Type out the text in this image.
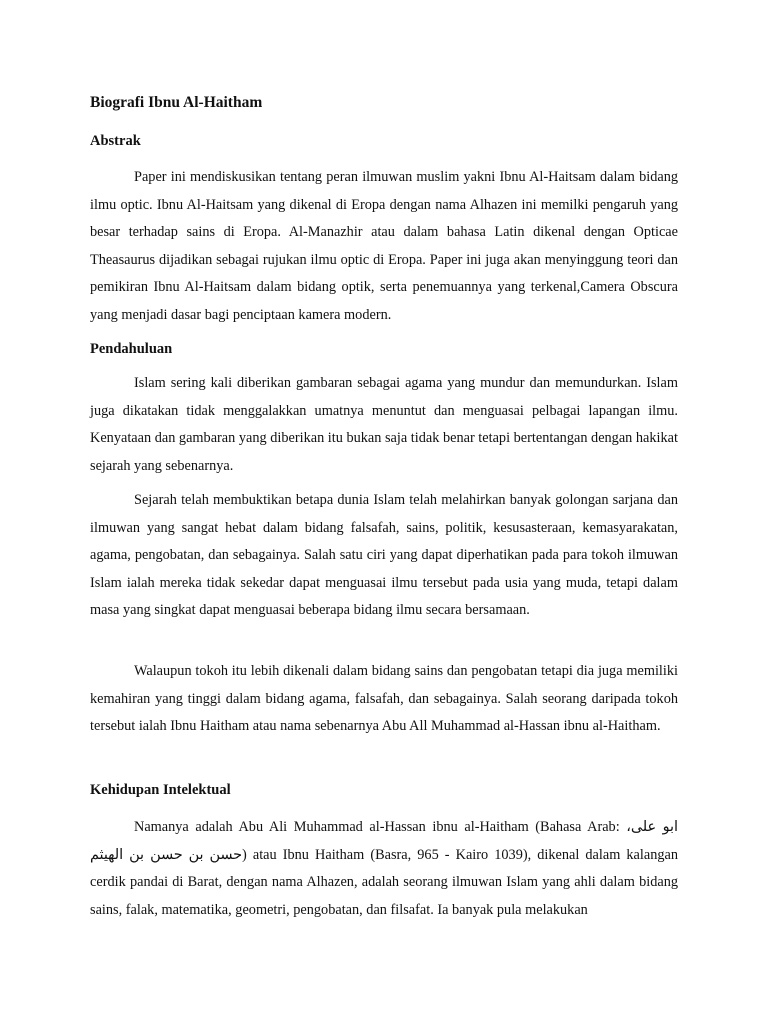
Biografi Ibnu Al-Haitham
Abstrak

Paper ini mendiskusikan tentang peran ilmuwan muslim yakni Ibnu Al-Haitsam dalam bidang ilmu optic. Ibnu Al-Haitsam yang dikenal di Eropa dengan nama Alhazen ini memilki pengaruh yang besar terhadap sains di Eropa. Al-Manazhir atau dalam bahasa Latin dikenal dengan Opticae Theasaurus dijadikan sebagai rujukan ilmu optic di Eropa. Paper ini juga akan menyinggung teori dan pemikiran Ibnu Al-Haitsam dalam bidang optik, serta penemuannya yang terkenal,Camera Obscura yang menjadi dasar bagi penciptaan kamera modern.

Pendahuluan

Islam sering kali diberikan gambaran sebagai agama yang mundur dan memundurkan. Islam juga dikatakan tidak menggalakkan umatnya menuntut dan menguasai pelbagai lapangan ilmu. Kenyataan dan gambaran yang diberikan itu bukan saja tidak benar tetapi bertentangan dengan hakikat sejarah yang sebenarnya.

Sejarah telah membuktikan betapa dunia Islam telah melahirkan banyak golongan sarjana dan ilmuwan yang sangat hebat dalam bidang falsafah, sains, politik, kesusasteraan, kemasyarakatan, agama, pengobatan, dan sebagainya. Salah satu ciri yang dapat diperhatikan pada para tokoh ilmuwan Islam ialah mereka tidak sekedar dapat menguasai ilmu tersebut pada usia yang muda, tetapi dalam masa yang singkat dapat menguasai beberapa bidang ilmu secara bersamaan.

Walaupun tokoh itu lebih dikenali dalam bidang sains dan pengobatan tetapi dia juga memiliki kemahiran yang tinggi dalam bidang agama, falsafah, dan sebagainya. Salah seorang daripada tokoh tersebut ialah Ibnu Haitham atau nama sebenarnya Abu All Muhammad al-Hassan ibnu al-Haitham.

Kehidupan Intelektual

Namanya adalah Abu Ali Muhammad al-Hassan ibnu al-Haitham (Bahasa Arab: ابو علی، حسن بن حسن بن الهيثم) atau Ibnu Haitham (Basra, 965 - Kairo 1039), dikenal dalam kalangan cerdik pandai di Barat, dengan nama Alhazen, adalah seorang ilmuwan Islam yang ahli dalam bidang sains, falak, matematika, geometri, pengobatan, dan filsafat. Ia banyak pula melakukan
